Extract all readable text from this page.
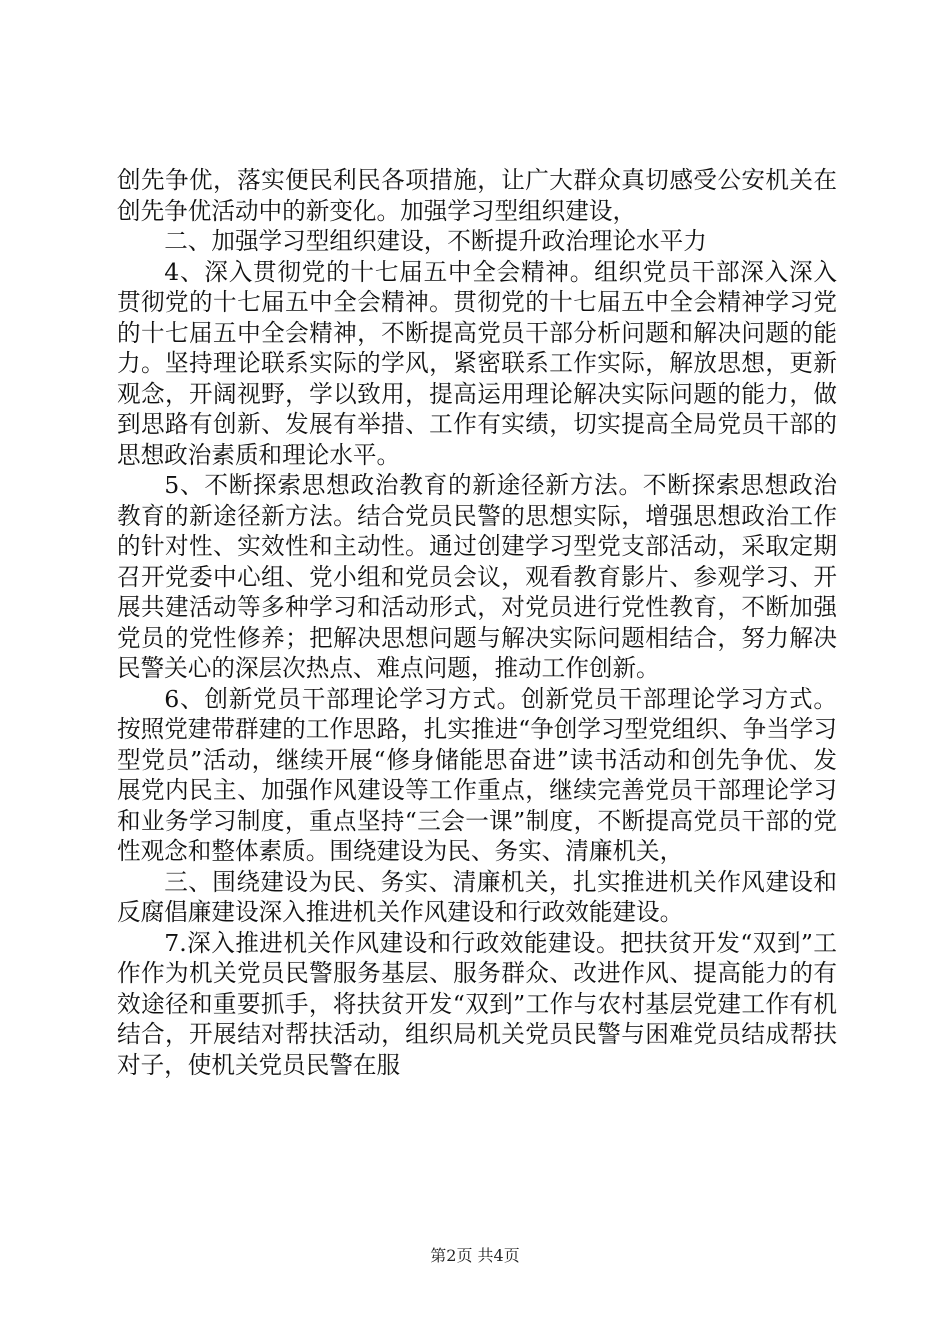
创先争优，落实便民利民各项措施，让广大群众真切感受公安机关在创先争优活动中的新变化。加强学习型组织建设，

二、加强学习型组织建设，不断提升政治理论水平力

4、深入贯彻党的十七届五中全会精神。组织党员干部深入深入贯彻党的十七届五中全会精神。贯彻党的十七届五中全会精神学习党的十七届五中全会精神，不断提高党员干部分析问题和解决问题的能力。坚持理论联系实际的学风，紧密联系工作实际，解放思想，更新观念，开阔视野，学以致用，提高运用理论解决实际问题的能力，做到思路有创新、发展有举措、工作有实绩，切实提高全局党员干部的思想政治素质和理论水平。

5、不断探索思想政治教育的新途径新方法。不断探索思想政治教育的新途径新方法。结合党员民警的思想实际，增强思想政治工作的针对性、实效性和主动性。通过创建学习型党支部活动，采取定期召开党委中心组、党小组和党员会议，观看教育影片、参观学习、开展共建活动等多种学习和活动形式，对党员进行党性教育，不断加强党员的党性修养；把解决思想问题与解决实际问题相结合，努力解决民警关心的深层次热点、难点问题，推动工作创新。

6、创新党员干部理论学习方式。创新党员干部理论学习方式。按照党建带群建的工作思路，扎实推进“争创学习型党组织、争当学习型党员”活动，继续开展“修身储能思奋进”读书活动和创先争优、发展党内民主、加强作风建设等工作重点，继续完善党员干部理论学习和业务学习制度，重点坚持“三会一课”制度，不断提高党员干部的党性观念和整体素质。围绕建设为民、务实、清廉机关，

三、围绕建设为民、务实、清廉机关，扎实推进机关作风建设和反腐倡廉建设深入推进机关作风建设和行政效能建设。

7.深入推进机关作风建设和行政效能建设。把扶贫开发“双到”工作作为机关党员民警服务基层、服务群众、改进作风、提高能力的有效途径和重要抓手，将扶贫开发“双到”工作与农村基层党建工作有机结合，开展结对帮扶活动，组织局机关党员民警与困难党员结成帮扶对子，使机关党员民警在服

第2页 共4页
